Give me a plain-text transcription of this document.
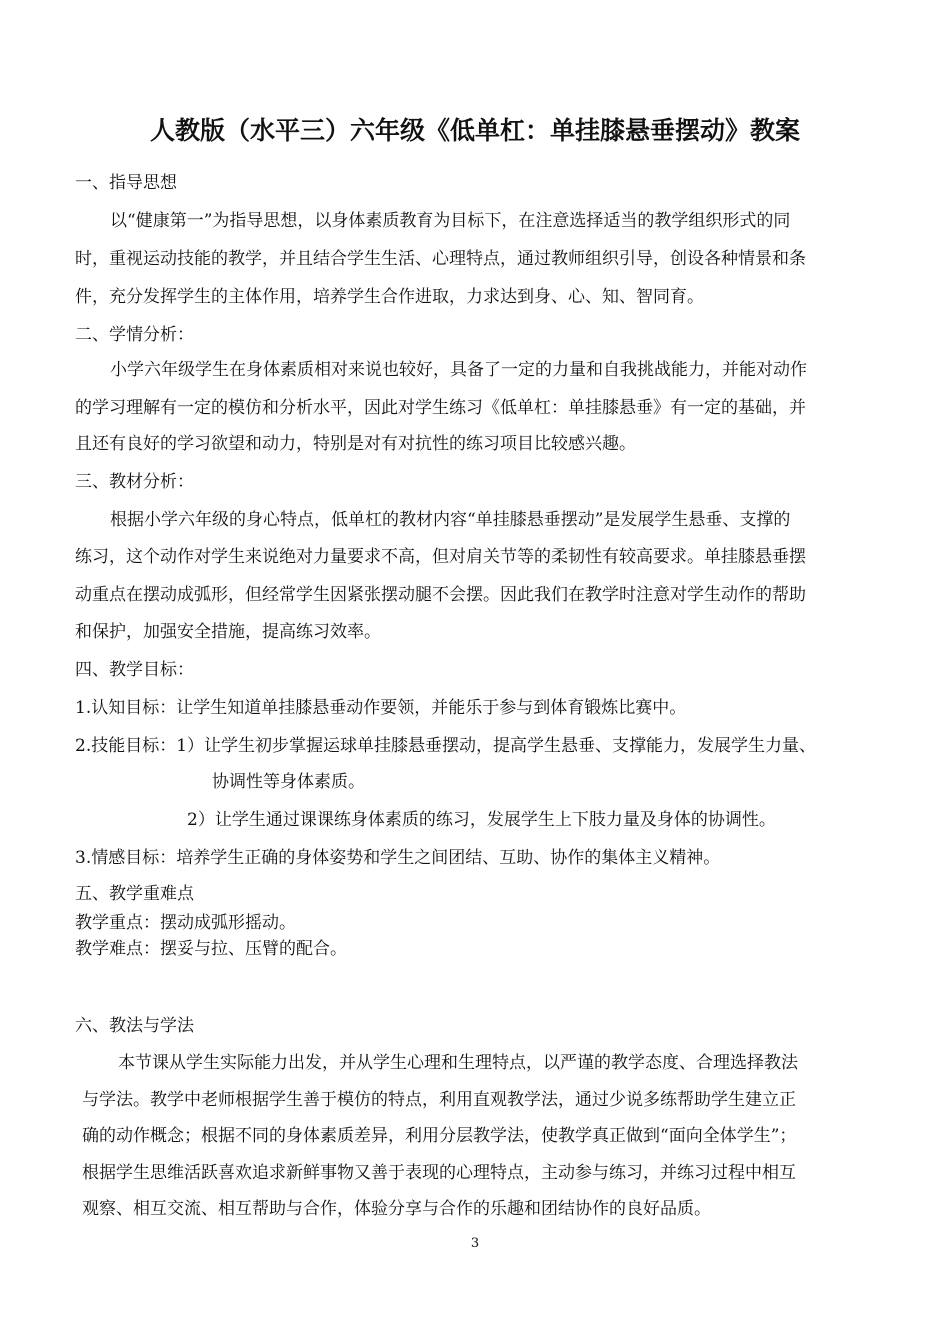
人教版（水平三）六年级《低单杠：单挂膝悬垂摆动》教案
一、指导思想
以“健康第一”为指导思想，以身体素质教育为目标下，在注意选择适当的教学组织形式的同
时，重视运动技能的教学，并且结合学生生活、心理特点，通过教师组织引导，创设各种情景和条
件，充分发挥学生的主体作用，培养学生合作进取，力求达到身、心、知、智同育。
二、学情分析：
小学六年级学生在身体素质相对来说也较好，具备了一定的力量和自我挑战能力，并能对动作
的学习理解有一定的模仿和分析水平，因此对学生练习《低单杠：单挂膝悬垂》有一定的基础，并
且还有良好的学习欲望和动力，特别是对有对抗性的练习项目比较感兴趣。
三、教材分析：
根据小学六年级的身心特点，低单杠的教材内容“单挂膝悬垂摆动”是发展学生悬垂、支撑的
练习，这个动作对学生来说绝对力量要求不高，但对肩关节等的柔韧性有较高要求。单挂膝悬垂摆
动重点在摆动成弧形，但经常学生因紧张摆动腿不会摆。因此我们在教学时注意对学生动作的帮助
和保护，加强安全措施，提高练习效率。
四、教学目标：
1.认知目标：让学生知道单挂膝悬垂动作要领，并能乐于参与到体育锻炼比赛中。
2.技能目标：1）让学生初步掌握运球单挂膝悬垂摆动，提高学生悬垂、支撑能力，发展学生力量、
协调性等身体素质。
2）让学生通过课课练身体素质的练习，发展学生上下肢力量及身体的协调性。
3.情感目标：培养学生正确的身体姿势和学生之间团结、互助、协作的集体主义精神。
五、教学重难点
教学重点：摆动成弧形摇动。
教学难点：摆妥与拉、压臂的配合。
六、教法与学法
本节课从学生实际能力出发，并从学生心理和生理特点，以严谨的教学态度、合理选择教法
与学法。教学中老师根据学生善于模仿的特点，利用直观教学法，通过少说多练帮助学生建立正
确的动作概念；根据不同的身体素质差异，利用分层教学法，使教学真正做到“面向全体学生”；
根据学生思维活跃喜欢追求新鲜事物又善于表现的心理特点，主动参与练习，并练习过程中相互
观察、相互交流、相互帮助与合作，体验分享与合作的乐趣和团结协作的良好品质。
3
